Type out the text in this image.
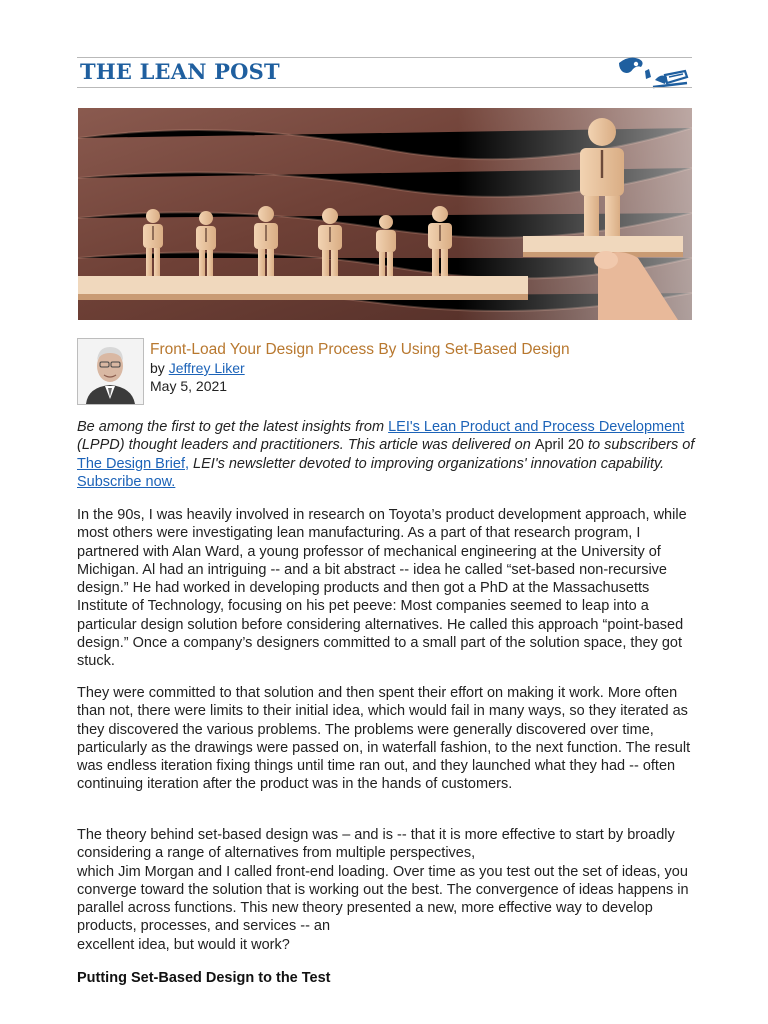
THE LEAN POST
Front-Load Your Design Process By Using Set-Based Design
by Jeffrey Liker
May 5, 2021
Be among the first to get the latest insights from LEI's Lean Product and Process Development (LPPD) thought leaders and practitioners. This article was delivered on April 20 to subscribers of The Design Brief, LEI's newsletter devoted to improving organizations' innovation capability. Subscribe now.
In the 90s, I was heavily involved in research on Toyota’s product development approach, while most others were investigating lean manufacturing. As a part of that research program, I partnered with Alan Ward, a young professor of mechanical engineering at the University of Michigan. Al had an intriguing -- and a bit abstract -- idea he called “set-based non-recursive design.” He had worked in developing products and then got a PhD at the Massachusetts Institute of Technology, focusing on his pet peeve: Most companies seemed to leap into a particular design solution before considering alternatives. He called this approach “point-based design.” Once a company’s designers committed to a small part of the solution space, they got stuck.
They were committed to that solution and then spent their effort on making it work. More often than not, there were limits to their initial idea, which would fail in many ways, so they iterated as they discovered the various problems. The problems were generally discovered over time, particularly as the drawings were passed on, in waterfall fashion, to the next function. The result was endless iteration fixing things until time ran out, and they launched what they had -- often continuing iteration after the product was in the hands of customers.
The theory behind set-based design was – and is -- that it is more effective to start by broadly considering a range of alternatives from multiple perspectives,
which Jim Morgan and I called front-end loading. Over time as you test out the set of ideas, you converge toward the solution that is working out the best. The convergence of ideas happens in parallel across functions. This new theory presented a new, more effective way to develop products, processes, and services -- an
excellent idea, but would it work?
Putting Set-Based Design to the Test
